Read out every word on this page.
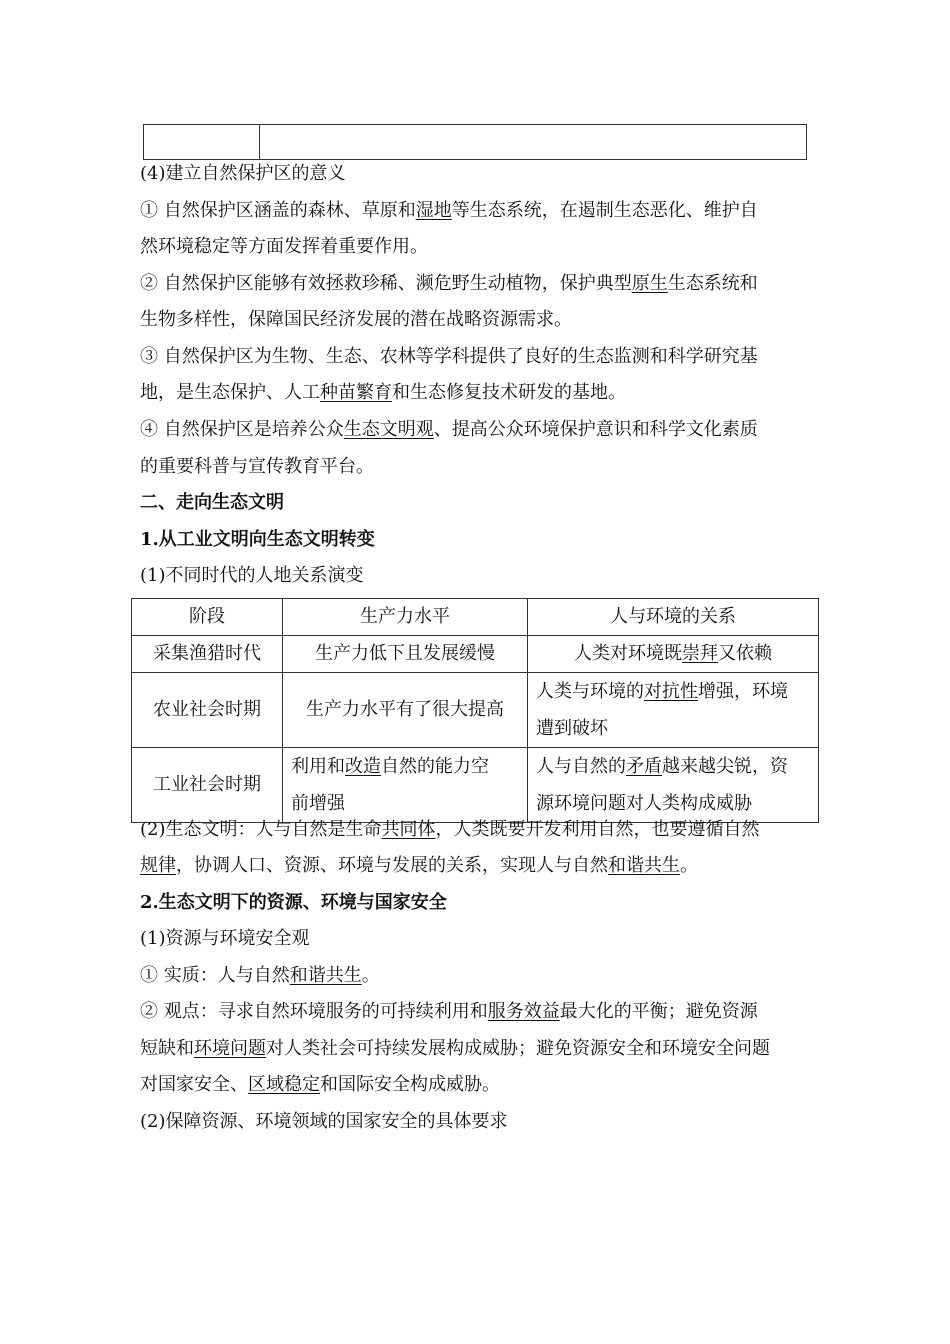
(4)建立自然保护区的意义
① 自然保护区涵盖的森林、草原和湿地等生态系统，在遏制生态恶化、维护自
然环境稳定等方面发挥着重要作用。
② 自然保护区能够有效拯救珍稀、濒危野生动植物，保护典型原生生态系统和
生物多样性，保障国民经济发展的潜在战略资源需求。
③ 自然保护区为生物、生态、农林等学科提供了良好的生态监测和科学研究基
地，是生态保护、人工种苗繁育和生态修复技术研发的基地。
④ 自然保护区是培养公众生态文明观、提高公众环境保护意识和科学文化素质
的重要科普与宣传教育平台。
二、走向生态文明
1.从工业文明向生态文明转变
(1)不同时代的人地关系演变
阶段	生产力水平	人与环境的关系
采集渔猎时代	生产力低下且发展缓慢	人类对环境既崇拜又依赖
农业社会时期	生产力水平有了很大提高	人类与环境的对抗性增强，环境
遭到破坏
工业社会时期	利用和改造自然的能力空
前增强	人与自然的矛盾越来越尖锐，资
源环境问题对人类构成威胁
(2)生态文明：人与自然是生命共同体，人类既要开发利用自然，也要遵循自然
规律，协调人口、资源、环境与发展的关系，实现人与自然和谐共生。
2.生态文明下的资源、环境与国家安全
(1)资源与环境安全观
① 实质：人与自然和谐共生。
② 观点：寻求自然环境服务的可持续利用和服务效益最大化的平衡；避免资源
短缺和环境问题对人类社会可持续发展构成威胁；避免资源安全和环境安全问题
对国家安全、区域稳定和国际安全构成威胁。
(2)保障资源、环境领域的国家安全的具体要求
